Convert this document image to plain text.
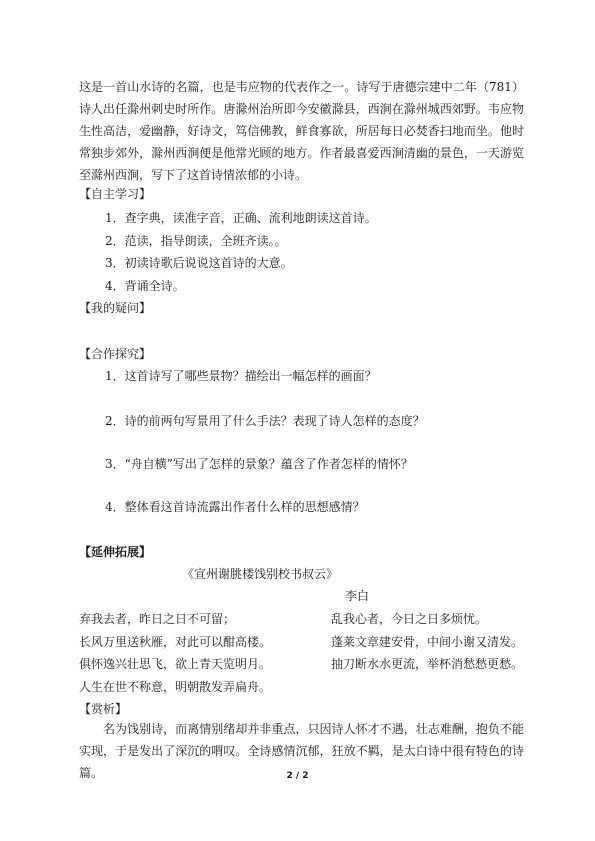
这是一首山水诗的名篇，也是韦应物的代表作之一。诗写于唐德宗建中二年（781）诗人出任滁州刺史时所作。唐滁州治所即今安徽滁县，西涧在滁州城西郊野。韦应物生性高洁，爱幽静，好诗文，笃信佛教，鲜食寡欲，所居每日必焚香扫地而坐。他时常独步郊外，滁州西涧便是他常光顾的地方。作者最喜爱西涧清幽的景色，一天游览至滁州西涧，写下了这首诗情浓郁的小诗。

【自主学习】

1．查字典，读准字音，正确、流利地朗读这首诗。

2．范读，指导朗读，全班齐读。。

3．初读诗歌后说说这首诗的大意。

4．背诵全诗。

【我的疑问】

【合作探究】

1．这首诗写了哪些景物？描绘出一幅怎样的画面？

2．诗的前两句写景用了什么手法？表现了诗人怎样的态度？

3．“舟自横”写出了怎样的景象？蕴含了作者怎样的情怀？

4．整体看这首诗流露出作者什么样的思想感情？

【延伸拓展】

《宣州谢朓楼饯别校书叔云》

李白

弃我去者，昨日之日不可留；	乱我心者，今日之日多烦忧。

长风万里送秋雁，对此可以酣高楼。	蓬莱文章建安骨，中间小谢又清发。

俱怀逸兴壮思飞，欲上青天览明月。	抽刀断水水更流，举杯消愁愁更愁。

人生在世不称意，明朝散发弄扁舟。

【赏析】

名为饯别诗，而离情别绪却并非重点，只因诗人怀才不遇，壮志难酬，抱负不能实现，于是发出了深沉的喟叹。全诗感情沉郁，狂放不羁，是太白诗中很有特色的诗篇。	2 / 2
